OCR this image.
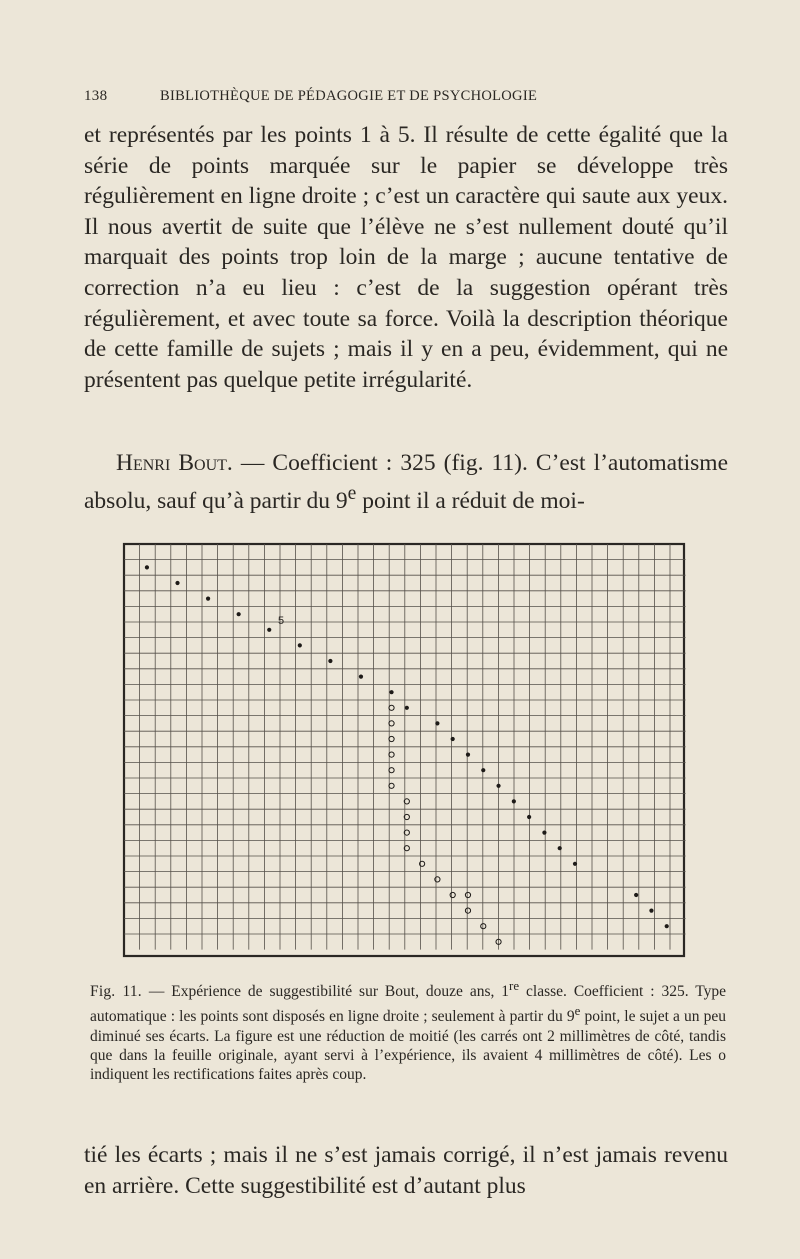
138	BIBLIOTHÈQUE DE PÉDAGOGIE ET DE PSYCHOLOGIE

et représentés par les points 1 à 5. Il résulte de cette égalité que la série de points marquée sur le papier se développe très régulièrement en ligne droite ; c’est un caractère qui saute aux yeux. Il nous avertit de suite que l’élève ne s’est nullement douté qu’il marquait des points trop loin de la marge ; aucune tentative de correction n’a eu lieu : c’est de la suggestion opérant très régulièrement, et avec toute sa force. Voilà la description théorique de cette famille de sujets ; mais il y en a peu, évidemment, qui ne présentent pas quelque petite irrégularité.

Henri Bout. — Coefficient : 325 (fig. 11). C’est l’automatisme absolu, sauf qu’à partir du 9e point il a réduit de moi-

5
Fig. 11. — Expérience de suggestibilité sur Bout, douze ans, 1re classe. Coefficient : 325. Type automatique : les points sont disposés en ligne droite ; seulement à partir du 9e point, le sujet a un peu diminué ses écarts. La figure est une réduction de moitié (les carrés ont 2 millimètres de côté, tandis que dans la feuille originale, ayant servi à l’expérience, ils avaient 4 millimètres de côté). Les o indiquent les rectifications faites après coup.

tié les écarts ; mais il ne s’est jamais corrigé, il n’est jamais revenu en arrière. Cette suggestibilité est d’autant plus
